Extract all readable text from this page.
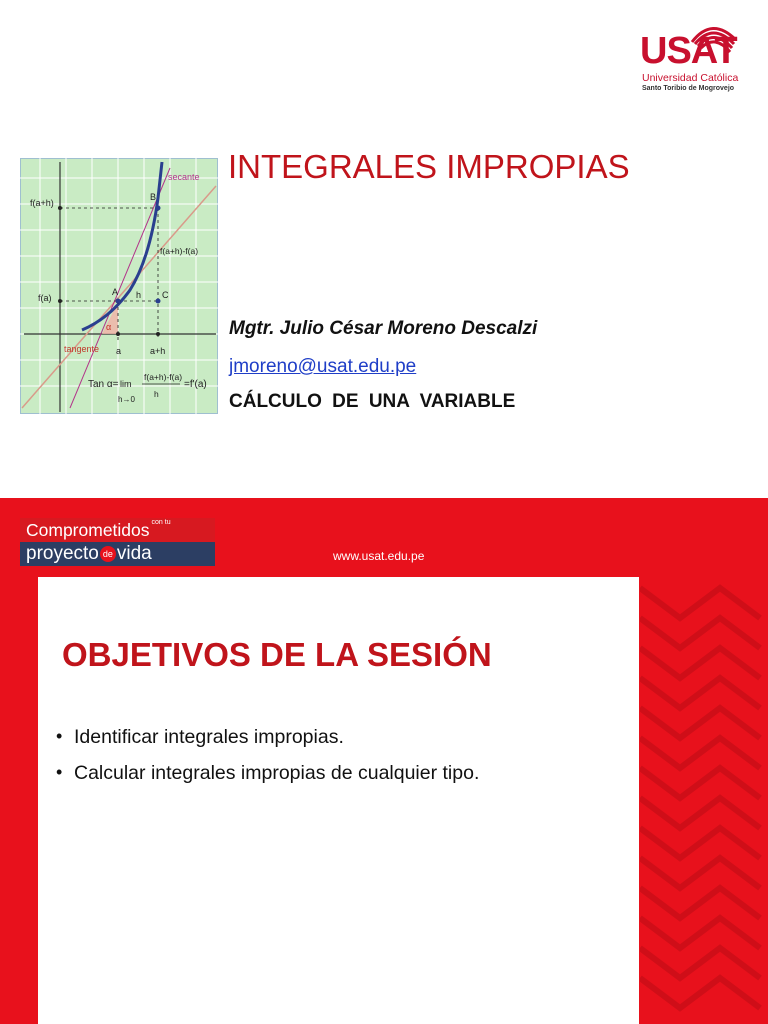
USAT
Universidad Católica
Santo Toribio de Mogrovejo
secante
tangente
f(a+h)
f(a)
B
A	C
h
f(a+h)-f(a)
a	a+h
α
Tan α= lim
h→0
f(a+h)-f(a)
h
=f'(a)
INTEGRALES IMPROPIAS
Mgtr. Julio César Moreno Descalzi
jmoreno@usat.edu.pe
CÁLCULO DE UNA VARIABLE
Comprometidos con tu
proyecto de vida	www.usat.edu.pe
OBJETIVOS DE LA SESIÓN
• Identificar integrales impropias.
• Calcular integrales impropias de cualquier tipo.
